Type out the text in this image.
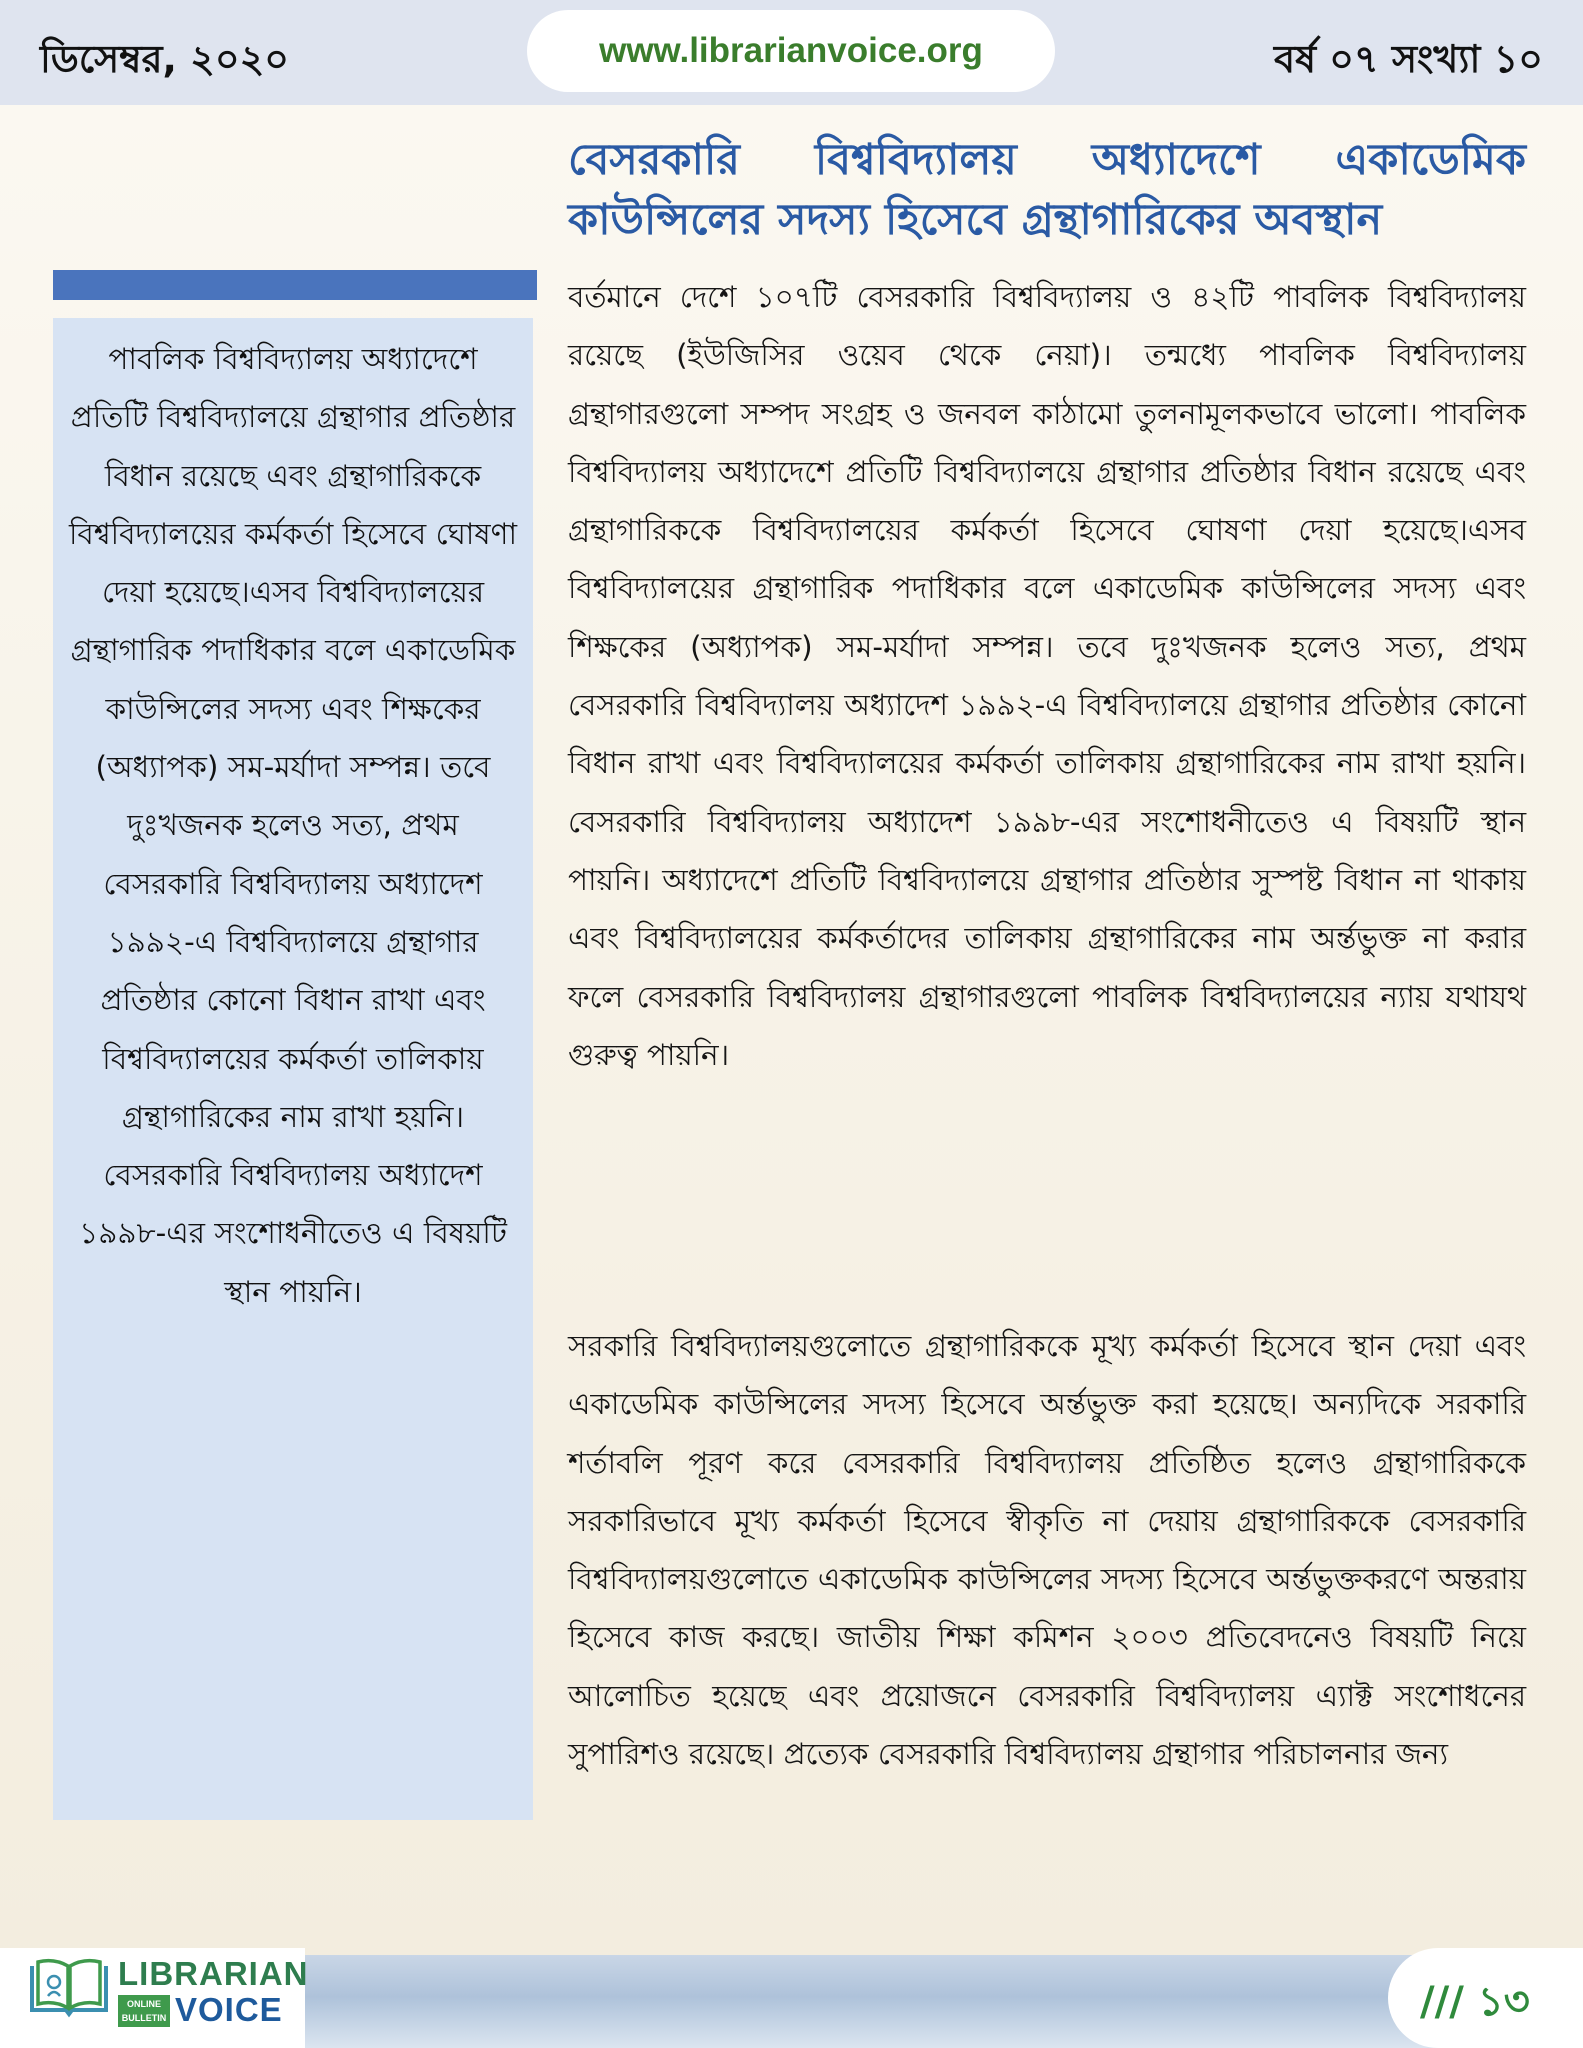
ডিসেম্বর, ২০২০	www.librarianvoice.org	বর্ষ ০৭ সংখ্যা ১০

পাবলিক বিশ্ববিদ্যালয় অধ্যাদেশে প্রতিটি বিশ্ববিদ্যালয়ে গ্রন্থাগার প্রতিষ্ঠার বিধান রয়েছে এবং গ্রন্থাগারিককে বিশ্ববিদ্যালয়ের কর্মকর্তা হিসেবে ঘোষণা দেয়া হয়েছে।এসব বিশ্ববিদ্যালয়ের গ্রন্থাগারিক পদাধিকার বলে একাডেমিক কাউন্সিলের সদস্য এবং শিক্ষকের (অধ্যাপক) সম-মর্যাদা সম্পন্ন। তবে দুঃখজনক হলেও সত্য, প্রথম বেসরকারি বিশ্ববিদ্যালয় অধ্যাদেশ ১৯৯২-এ বিশ্ববিদ্যালয়ে গ্রন্থাগার প্রতিষ্ঠার কোনো বিধান রাখা এবং বিশ্ববিদ্যালয়ের কর্মকর্তা তালিকায় গ্রন্থাগারিকের নাম রাখা হয়নি। বেসরকারি বিশ্ববিদ্যালয় অধ্যাদেশ ১৯৯৮-এর সংশোধনীতেও এ বিষয়টি স্থান পায়নি।

বেসরকারি বিশ্ববিদ্যালয় অধ্যাদেশে একাডেমিক কাউন্সিলের সদস্য হিসেবে গ্রন্থাগারিকের অবস্থান

বর্তমানে দেশে ১০৭টি বেসরকারি বিশ্ববিদ্যালয় ও ৪২টি পাবলিক বিশ্ববিদ্যালয় রয়েছে (ইউজিসির ওয়েব থেকে নেয়া)। তন্মধ্যে পাবলিক বিশ্ববিদ্যালয় গ্রন্থাগারগুলো সম্পদ সংগ্রহ ও জনবল কাঠামো তুলনামূলকভাবে ভালো। পাবলিক বিশ্ববিদ্যালয় অধ্যাদেশে প্রতিটি বিশ্ববিদ্যালয়ে গ্রন্থাগার প্রতিষ্ঠার বিধান রয়েছে এবং গ্রন্থাগারিককে বিশ্ববিদ্যালয়ের কর্মকর্তা হিসেবে ঘোষণা দেয়া হয়েছে।এসব বিশ্ববিদ্যালয়ের গ্রন্থাগারিক পদাধিকার বলে একাডেমিক কাউন্সিলের সদস্য এবং শিক্ষকের (অধ্যাপক) সম-মর্যাদা সম্পন্ন। তবে দুঃখজনক হলেও সত্য, প্রথম বেসরকারি বিশ্ববিদ্যালয় অধ্যাদেশ ১৯৯২-এ বিশ্ববিদ্যালয়ে গ্রন্থাগার প্রতিষ্ঠার কোনো বিধান রাখা এবং বিশ্ববিদ্যালয়ের কর্মকর্তা তালিকায় গ্রন্থাগারিকের নাম রাখা হয়নি। বেসরকারি বিশ্ববিদ্যালয় অধ্যাদেশ ১৯৯৮-এর সংশোধনীতেও এ বিষয়টি স্থান পায়নি। অধ্যাদেশে প্রতিটি বিশ্ববিদ্যালয়ে গ্রন্থাগার প্রতিষ্ঠার সুস্পষ্ট বিধান না থাকায় এবং বিশ্ববিদ্যালয়ের কর্মকর্তাদের তালিকায় গ্রন্থাগারিকের নাম অর্ন্তভুক্ত না করার ফলে বেসরকারি বিশ্ববিদ্যালয় গ্রন্থাগারগুলো পাবলিক বিশ্ববিদ্যালয়ের ন্যায় যথাযথ গুরুত্ব পায়নি।

সরকারি বিশ্ববিদ্যালয়গুলোতে গ্রন্থাগারিককে মূখ্য কর্মকর্তা হিসেবে স্থান দেয়া এবং একাডেমিক কাউন্সিলের সদস্য হিসেবে অর্ন্তভুক্ত করা হয়েছে। অন্যদিকে সরকারি শর্তাবলি পূরণ করে বেসরকারি বিশ্ববিদ্যালয় প্রতিষ্ঠিত হলেও গ্রন্থাগারিককে সরকারিভাবে মূখ্য কর্মকর্তা হিসেবে স্বীকৃতি না দেয়ায় গ্রন্থাগারিককে বেসরকারি বিশ্ববিদ্যালয়গুলোতে একাডেমিক কাউন্সিলের সদস্য হিসেবে অর্ন্তভুক্তকরণে অন্তরায় হিসেবে কাজ করছে। জাতীয় শিক্ষা কমিশন ২০০৩ প্রতিবেদনেও বিষয়টি নিয়ে আলোচিত হয়েছে এবং প্রয়োজনে বেসরকারি বিশ্ববিদ্যালয় এ্যাক্ট সংশোধনের সুপারিশও রয়েছে। প্রত্যেক বেসরকারি বিশ্ববিদ্যালয় গ্রন্থাগার পরিচালনার জন্য

LIBRARIAN
ONLINE BULLETIN VOICE	/// ১৩
